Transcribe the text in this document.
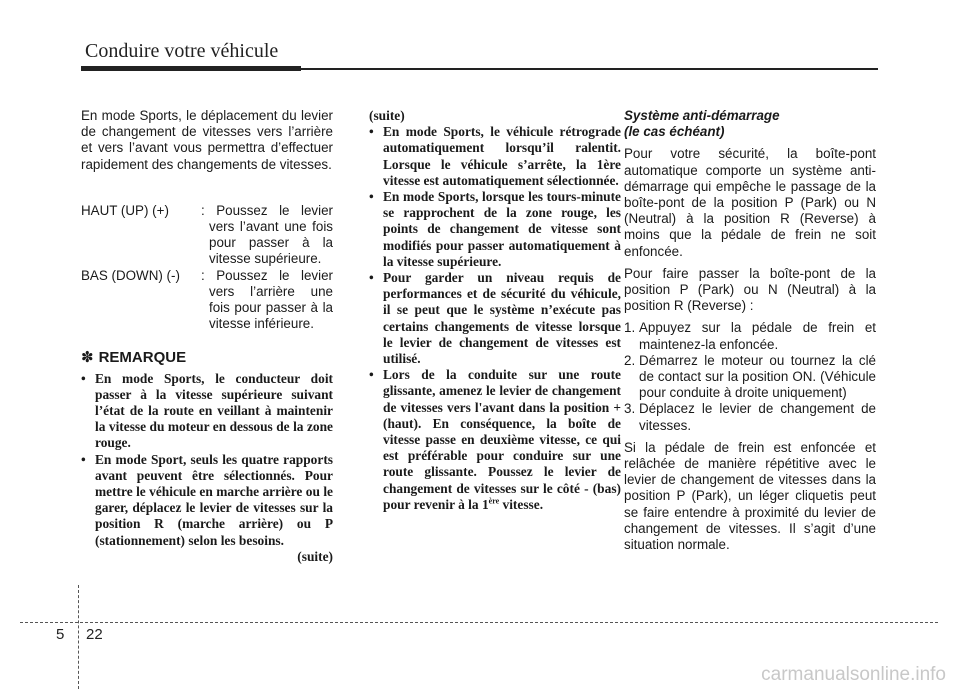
Conduire votre véhicule

En mode Sports, le déplacement du levier de changement de vitesses vers l’arrière et vers l’avant vous permettra d’effectuer rapidement des changements de vitesses.

HAUT (UP) (+)	: Poussez le levier vers l’avant une fois pour passer à la vitesse supérieure.
BAS (DOWN) (-)	: Poussez le levier vers l’arrière une fois pour passer à la vitesse inférieure.
✽ REMARQUE
• En mode Sports, le conducteur doit passer à la vitesse supérieure suivant l’état de la route en veillant à maintenir la vitesse du moteur en dessous de la zone rouge.
• En mode Sport, seuls les quatre rapports avant peuvent être sélectionnés. Pour mettre le véhicule en marche arrière ou le garer, déplacez le levier de vitesses sur la position R (marche arrière) ou P (stationnement) selon les besoins.
(suite)
(suite)
• En mode Sports, le véhicule rétrograde automatiquement lorsqu’il ralentit. Lorsque le véhicule s’arrête, la 1ère vitesse est automatiquement sélectionnée.
• En mode Sports, lorsque les tours-minute se rapprochent de la zone rouge, les points de changement de vitesse sont modifiés pour passer automatiquement à la vitesse supérieure.
• Pour garder un niveau requis de performances et de sécurité du véhicule, il se peut que le système n’exécute pas certains changements de vitesse lorsque le levier de changement de vitesses est utilisé.
• Lors de la conduite sur une route glissante, amenez le levier de changement de vitesses vers l'avant dans la position +(haut). En conséquence, la boîte de vitesse passe en deuxième vitesse, ce qui est préférable pour conduire sur une route glissante. Poussez le levier de changement de vitesses sur le côté - (bas) pour revenir à la 1ère vitesse.
Système anti-démarrage
(le cas échéant)

Pour votre sécurité, la boîte-pont automatique comporte un système anti-démarrage qui empêche le passage de la boîte-pont de la position P (Park) ou N (Neutral) à la position R (Reverse) à moins que la pédale de frein ne soit enfoncée.

Pour faire passer la boîte-pont de la position P (Park) ou N (Neutral) à la position R (Reverse) :

1. Appuyez sur la pédale de frein et maintenez-la enfoncée.
2. Démarrez le moteur ou tournez la clé de contact sur la position ON. (Véhicule pour conduite à droite uniquement)
3. Déplacez le levier de changement de vitesses.

Si la pédale de frein est enfoncée et relâchée de manière répétitive avec le levier de changement de vitesses dans la position P (Park), un léger cliquetis peut se faire entendre à proximité du levier de changement de vitesses. Il s’agit d’une situation normale.

5 22
carmanualsonline.info
